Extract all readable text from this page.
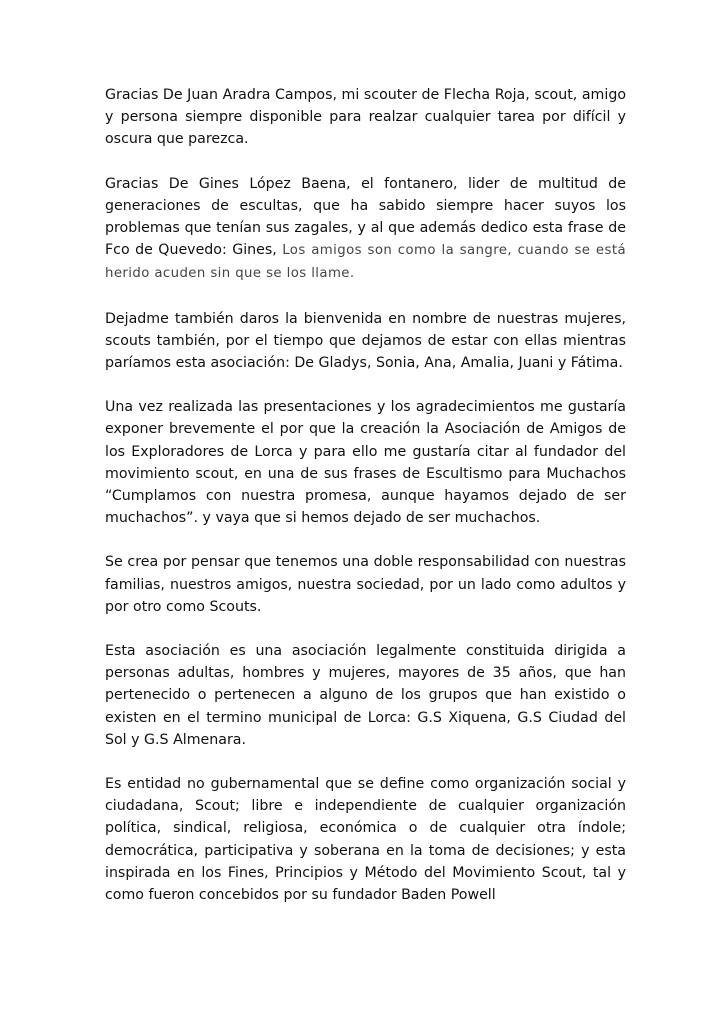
Gracias De Juan Aradra Campos, mi scouter de Flecha Roja, scout, amigo y persona siempre disponible para realzar cualquier tarea por difícil y oscura que parezca.

Gracias De Gines López Baena, el fontanero, lider de multitud de generaciones de escultas, que ha sabido siempre hacer suyos los problemas que tenían sus zagales, y al que además dedico esta frase de Fco de Quevedo: Gines, Los amigos son como la sangre, cuando se está herido acuden sin que se los llame.

Dejadme también daros la bienvenida en nombre de nuestras mujeres, scouts también, por el tiempo que dejamos de estar con ellas mientras paríamos esta asociación: De Gladys, Sonia, Ana, Amalia, Juani y Fátima.

Una vez realizada las presentaciones y los agradecimientos me gustaría exponer brevemente el por que la creación la Asociación de Amigos de los Exploradores de Lorca y para ello me gustaría citar al fundador del movimiento scout, en una de sus frases de Escultismo para Muchachos “Cumplamos con nuestra promesa, aunque hayamos dejado de ser muchachos”. y vaya que si hemos dejado de ser muchachos.

Se crea por pensar que tenemos una doble responsabilidad con nuestras familias, nuestros amigos, nuestra sociedad, por un lado como adultos y por otro como Scouts.

Esta asociación es una asociación legalmente constituida dirigida a personas adultas, hombres y mujeres, mayores de 35 años, que han pertenecido o pertenecen a alguno de los grupos que han existido o existen en el termino municipal de Lorca: G.S Xiquena, G.S Ciudad del Sol y G.S Almenara.

Es entidad no gubernamental que se define como organización social y ciudadana, Scout; libre e independiente de cualquier organización política, sindical, religiosa, económica o de cualquier otra índole; democrática, participativa y soberana en la toma de decisiones; y esta inspirada en los Fines, Principios y Método del Movimiento Scout, tal y como fueron concebidos por su fundador Baden Powell
